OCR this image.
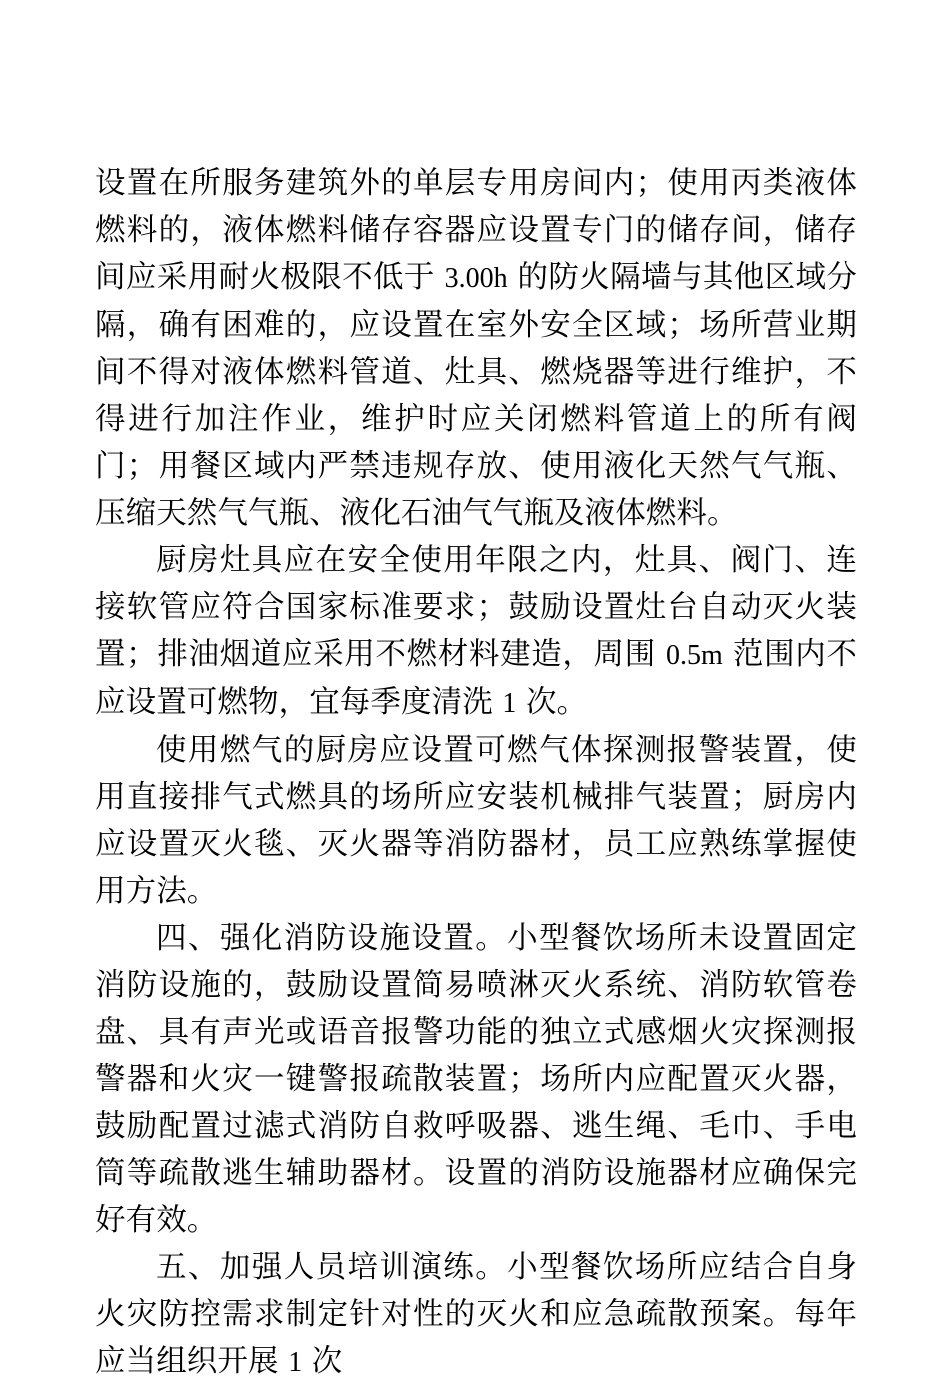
设置在所服务建筑外的单层专用房间内；使用丙类液体燃料的，液体燃料储存容器应设置专门的储存间，储存间应采用耐火极限不低于 3.00h 的防火隔墙与其他区域分隔，确有困难的，应设置在室外安全区域；场所营业期间不得对液体燃料管道、灶具、燃烧器等进行维护，不得进行加注作业，维护时应关闭燃料管道上的所有阀门；用餐区域内严禁违规存放、使用液化天然气气瓶、压缩天然气气瓶、液化石油气气瓶及液体燃料。

厨房灶具应在安全使用年限之内，灶具、阀门、连接软管应符合国家标准要求；鼓励设置灶台自动灭火装置；排油烟道应采用不燃材料建造，周围 0.5m 范围内不应设置可燃物，宜每季度清洗 1 次。

使用燃气的厨房应设置可燃气体探测报警装置，使用直接排气式燃具的场所应安装机械排气装置；厨房内应设置灭火毯、灭火器等消防器材，员工应熟练掌握使用方法。

四、强化消防设施设置。小型餐饮场所未设置固定消防设施的，鼓励设置简易喷淋灭火系统、消防软管卷盘、具有声光或语音报警功能的独立式感烟火灾探测报警器和火灾一键警报疏散装置；场所内应配置灭火器，鼓励配置过滤式消防自救呼吸器、逃生绳、毛巾、手电筒等疏散逃生辅助器材。设置的消防设施器材应确保完好有效。

五、加强人员培训演练。小型餐饮场所应结合自身火灾防控需求制定针对性的灭火和应急疏散预案。每年应当组织开展 1 次
